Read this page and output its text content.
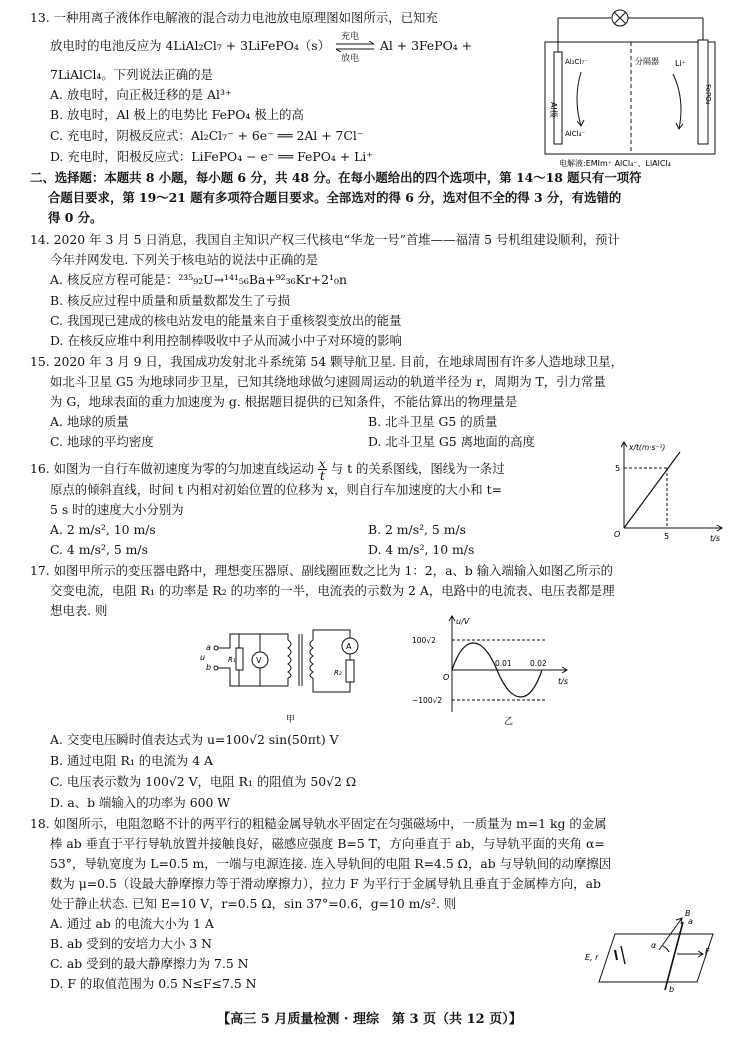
13. 一种用离子液体作电解液的混合动力电池放电原理图如图所示，已知充
放电时的电池反应为 4LiAl₂Cl₇ + 3LiFePO₄（s）
充电
放电
Al + 3FePO₄ +
7LiAlCl₄。下列说法正确的是
A. 放电时，向正极迁移的是 Al³⁺
B. 放电时，Al 极上的电势比 FePO₄ 极上的高
C. 充电时，阴极反应式：Al₂Cl₇⁻ + 6e⁻ ══ 2Al + 7Cl⁻
D. 充电时，阳极反应式：LiFePO₄ − e⁻ ══ FePO₄ + Li⁺
分隔器
Al极
FePO₄
Al₂Cl₇⁻
AlCl₄⁻
Li⁺
电解液:EMIm⁺ AlCl₄⁻、LiAlCl₄
二、选择题：本题共 8 小题，每小题 6 分，共 48 分。在每小题给出的四个选项中，第 14～18 题只有一项符
合题目要求，第 19～21 题有多项符合题目要求。全部选对的得 6 分，选对但不全的得 3 分，有选错的
得 0 分。
14. 2020 年 3 月 5 日消息，我国自主知识产权三代核电“华龙一号”首堆——福清 5 号机组建设顺利，预计
今年并网发电. 下列关于核电站的说法中正确的是
A. 核反应方程可能是：²³⁵₉₂U→¹⁴¹₅₆Ba+⁹²₃₆Kr+2¹₀n
B. 核反应过程中质量和质量数都发生了亏损
C. 我国现已建成的核电站发电的能量来自于重核裂变放出的能量
D. 在核反应堆中利用控制棒吸收中子从而减小中子对环境的影响
15. 2020 年 3 月 9 日，我国成功发射北斗系统第 54 颗导航卫星. 目前，在地球周围有许多人造地球卫星，
如北斗卫星 G5 为地球同步卫星，已知其绕地球做匀速圆周运动的轨道半径为 r，周期为 T，引力常量
为 G，地球表面的重力加速度为 g. 根据题目提供的已知条件，不能估算出的物理量是
A. 地球的质量	B. 北斗卫星 G5 的质量
C. 地球的平均密度	D. 北斗卫星 G5 离地面的高度
16. 如图为一自行车做初速度为零的匀加速直线运动 $\frac{x}{t}$ 与 t 的关系图线，图线为一条过
原点的倾斜直线，时间 t 内相对初始位置的位移为 x，则自行车加速度的大小和 t=
5 s 时的速度大小分别为
A. 2 m/s², 10 m/s	B. 2 m/s², 5 m/s
C. 4 m/s², 5 m/s	D. 4 m/s², 10 m/s
x/t(m·s⁻¹)
t/s
O
5
5
17. 如图甲所示的变压器电路中，理想变压器原、副线圈匝数之比为 1：2，a、b 输入端输入如图乙所示的
交变电流，电阻 R₁ 的功率是 R₂ 的功率的一半，电流表的示数为 2 A，电路中的电流表、电压表都是理
想电表. 则
a
u
b
R₁	V
A
R₂
甲
u/V
t/s
O
100√2
−100√2
0.01 0.02
乙
A. 交变电压瞬时值表达式为 u=100√2 sin(50πt) V
B. 通过电阻 R₁ 的电流为 4 A
C. 电压表示数为 100√2 V，电阻 R₁ 的阻值为 50√2 Ω
D. a、b 端输入的功率为 600 W
18. 如图所示，电阻忽略不计的两平行的粗糙金属导轨水平固定在匀强磁场中，一质量为 m=1 kg 的金属
棒 ab 垂直于平行导轨放置并接触良好，磁感应强度 B=5 T，方向垂直于 ab，与导轨平面的夹角 α=
53°，导轨宽度为 L=0.5 m，一端与电源连接. 连入导轨间的电阻 R=4.5 Ω，ab 与导轨间的动摩擦因
数为 μ=0.5（设最大静摩擦力等于滑动摩擦力），拉力 F 为平行于金属导轨且垂直于金属棒方向，ab
处于静止状态. 已知 E=10 V，r=0.5 Ω，sin 37°=0.6，g=10 m/s². 则
A. 通过 ab 的电流大小为 1 A
B. ab 受到的安培力大小 3 N
C. ab 受到的最大静摩擦力为 7.5 N
D. F 的取值范围为 0.5 N≤F≤7.5 N
a
b
B
α
F
E, r
【高三 5 月质量检测 · 理综　第 3 页（共 12 页）】
